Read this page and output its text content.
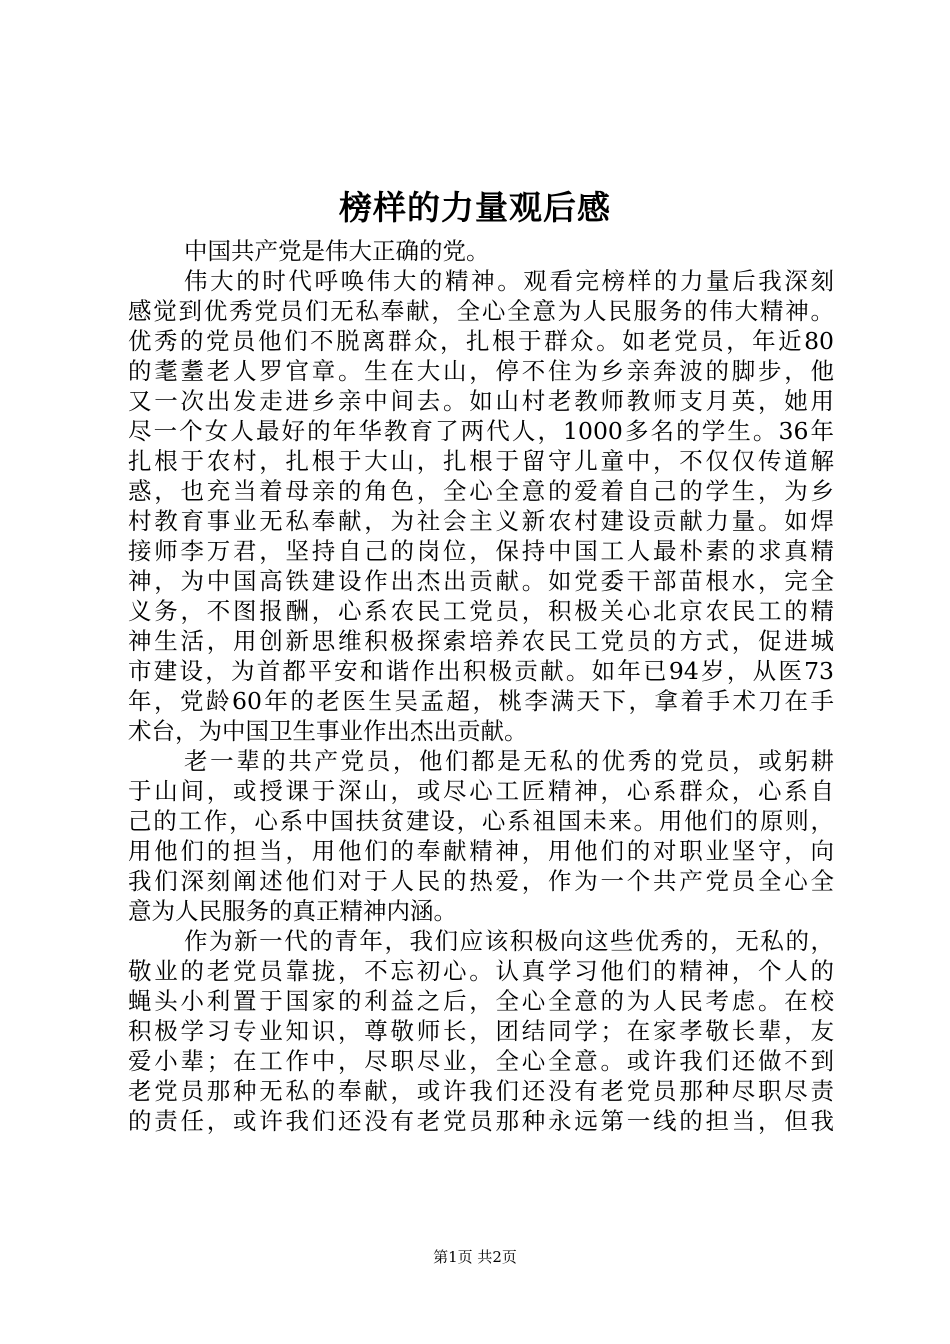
榜样的力量观后感
中国共产党是伟大正确的党。
伟大的时代呼唤伟大的精神。观看完榜样的力量后我深刻
感觉到优秀党员们无私奉献，全心全意为人民服务的伟大精神。
优秀的党员他们不脱离群众，扎根于群众。如老党员，年近80
的耄耋老人罗官章。生在大山，停不住为乡亲奔波的脚步，他
又一次出发走进乡亲中间去。如山村老教师教师支月英，她用
尽一个女人最好的年华教育了两代人，1000多名的学生。36年
扎根于农村，扎根于大山，扎根于留守儿童中，不仅仅传道解
惑，也充当着母亲的角色，全心全意的爱着自己的学生，为乡
村教育事业无私奉献，为社会主义新农村建设贡献力量。如焊
接师李万君，坚持自己的岗位，保持中国工人最朴素的求真精
神，为中国高铁建设作出杰出贡献。如党委干部苗根水，完全
义务，不图报酬，心系农民工党员，积极关心北京农民工的精
神生活，用创新思维积极探索培养农民工党员的方式，促进城
市建设，为首都平安和谐作出积极贡献。如年已94岁，从医73
年，党龄60年的老医生吴孟超，桃李满天下，拿着手术刀在手
术台，为中国卫生事业作出杰出贡献。
老一辈的共产党员，他们都是无私的优秀的党员，或躬耕
于山间，或授课于深山，或尽心工匠精神，心系群众，心系自
己的工作，心系中国扶贫建设，心系祖国未来。用他们的原则，
用他们的担当，用他们的奉献精神，用他们的对职业坚守，向
我们深刻阐述他们对于人民的热爱，作为一个共产党员全心全
意为人民服务的真正精神内涵。
作为新一代的青年，我们应该积极向这些优秀的，无私的，
敬业的老党员靠拢，不忘初心。认真学习他们的精神，个人的
蝇头小利置于国家的利益之后，全心全意的为人民考虑。在校
积极学习专业知识，尊敬师长，团结同学；在家孝敬长辈，友
爱小辈；在工作中，尽职尽业，全心全意。或许我们还做不到
老党员那种无私的奉献，或许我们还没有老党员那种尽职尽责
的责任，或许我们还没有老党员那种永远第一线的担当，但我
第1页 共2页
